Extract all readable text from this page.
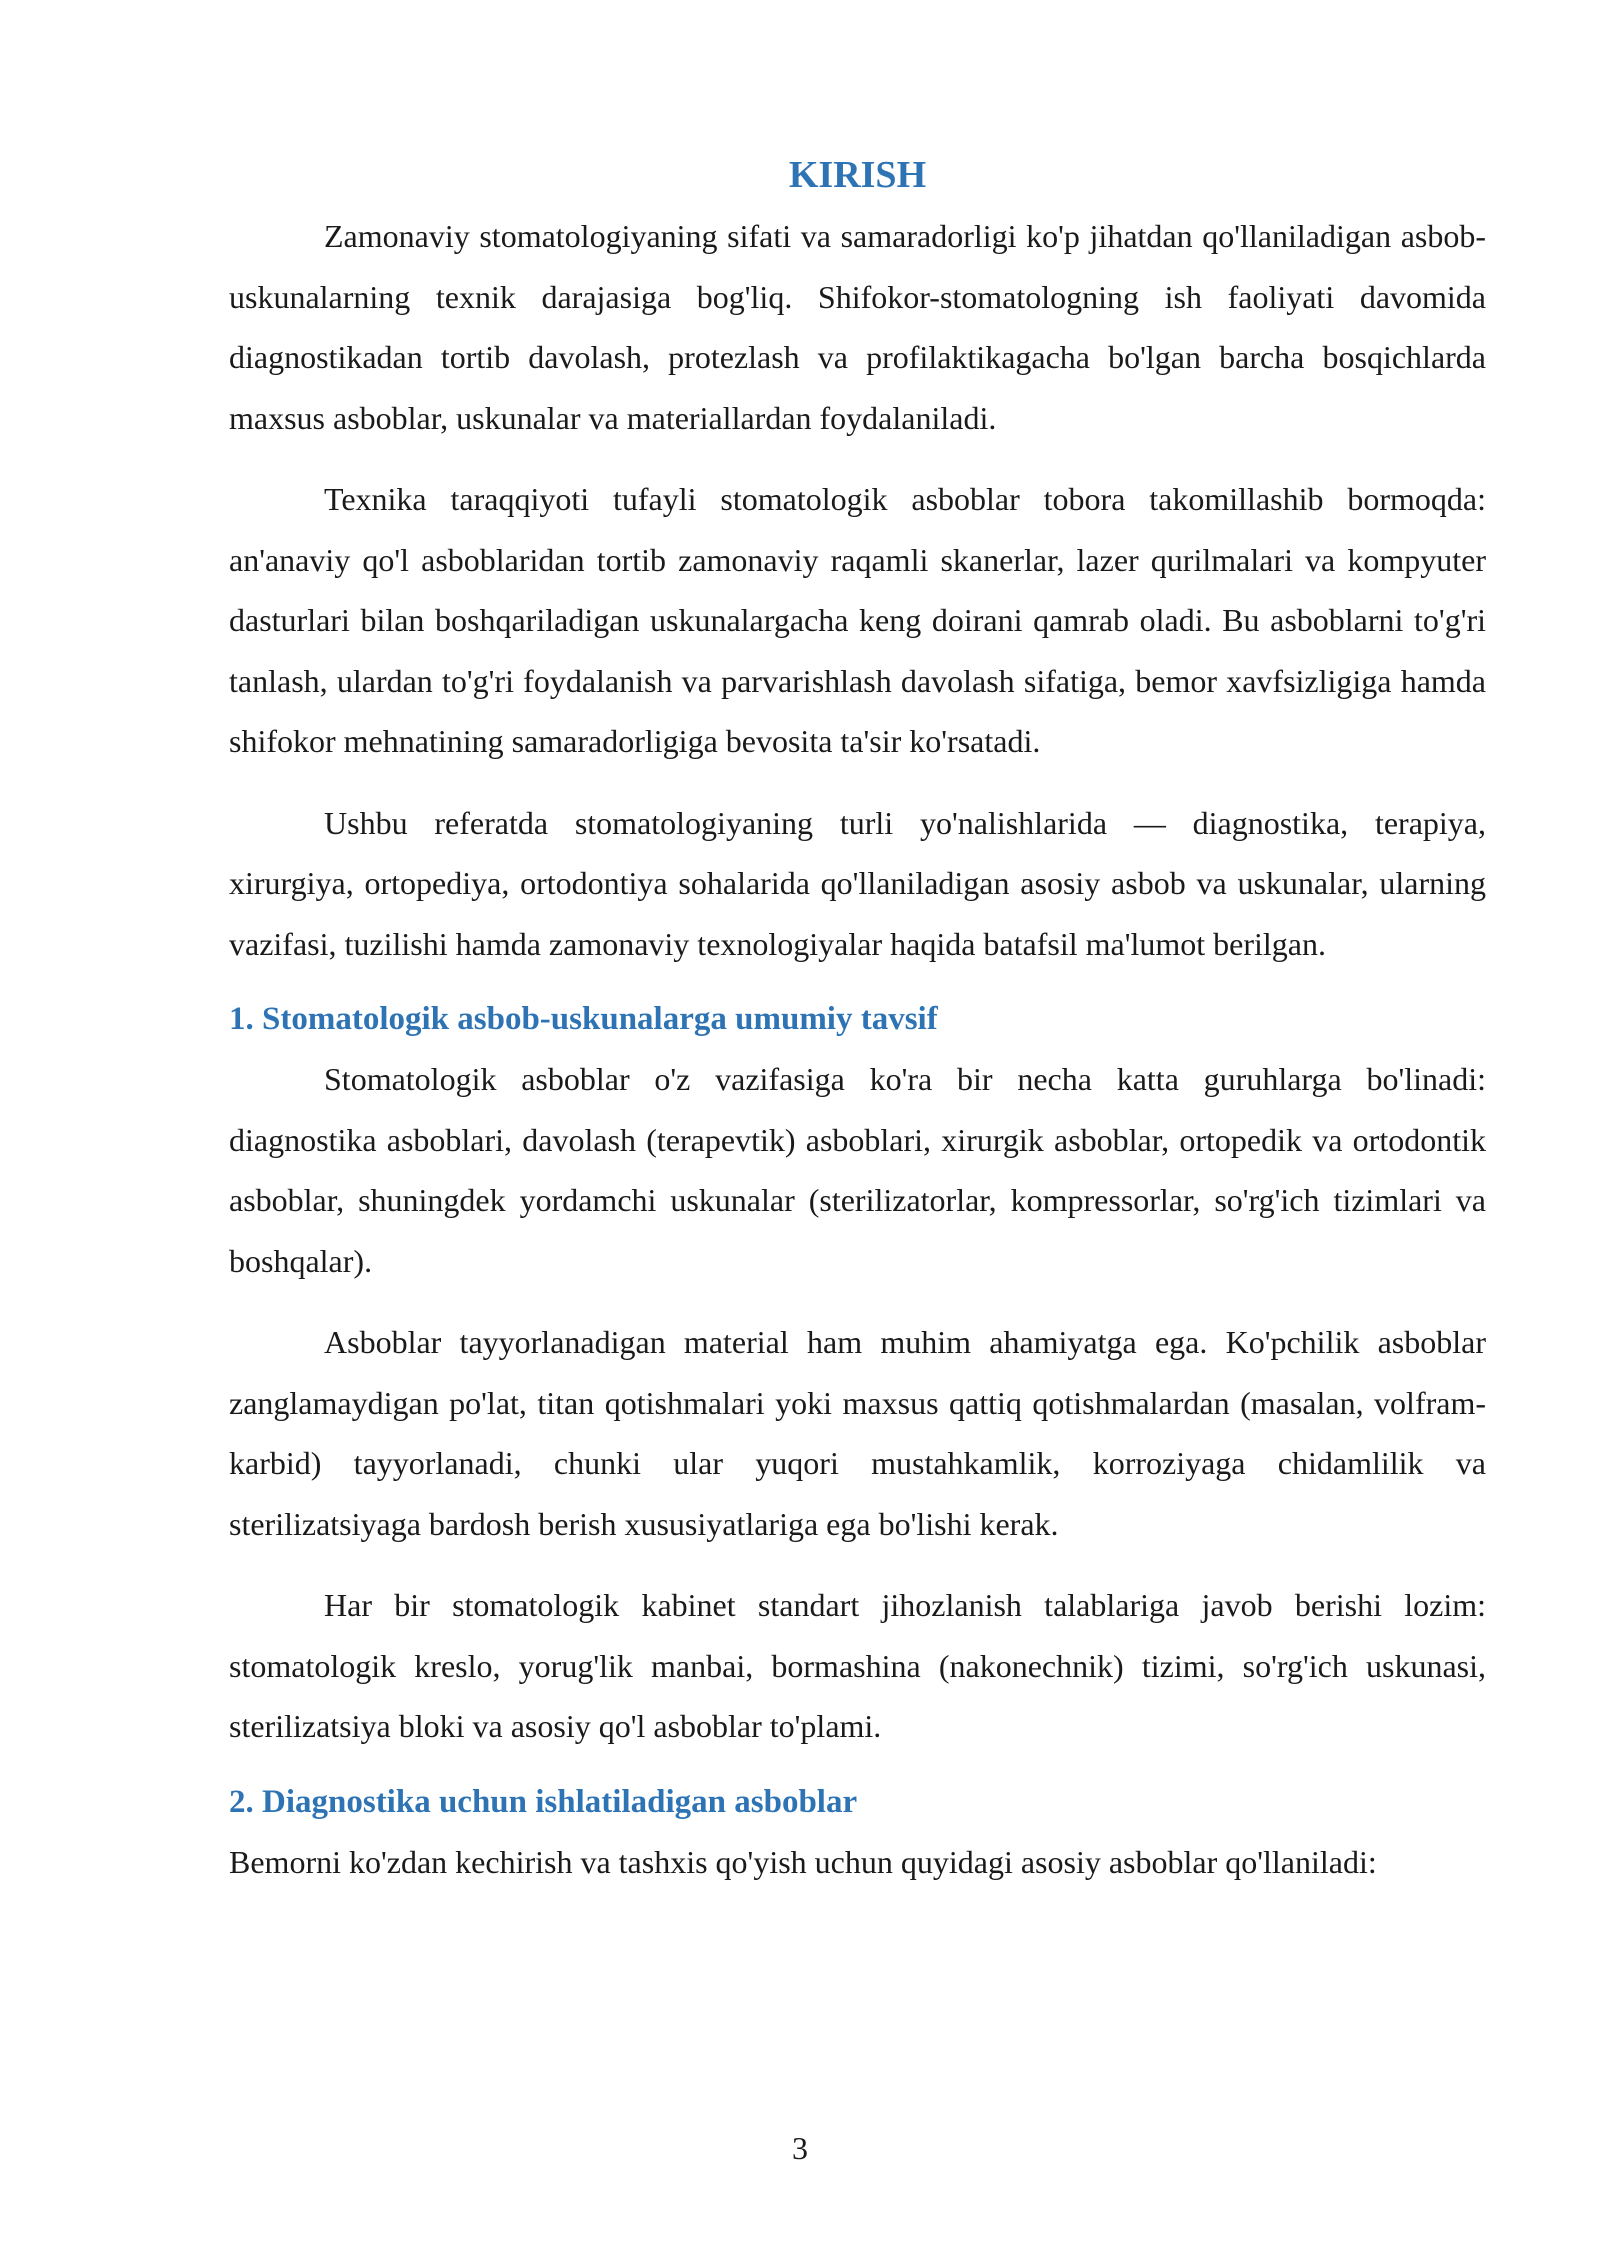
KIRISH

Zamonaviy stomatologiyaning sifati va samaradorligi ko'p jihatdan qo'llaniladigan asbob-uskunalarning texnik darajasiga bog'liq. Shifokor-stomatologning ish faoliyati davomida diagnostikadan tortib davolash, protezlash va profilaktikagacha bo'lgan barcha bosqichlarda maxsus asboblar, uskunalar va materiallardan foydalaniladi.

Texnika taraqqiyoti tufayli stomatologik asboblar tobora takomillashib bormoqda: an'anaviy qo'l asboblaridan tortib zamonaviy raqamli skanerlar, lazer qurilmalari va kompyuter dasturlari bilan boshqariladigan uskunalargacha keng doirani qamrab oladi. Bu asboblarni to'g'ri tanlash, ulardan to'g'ri foydalanish va parvarishlash davolash sifatiga, bemor xavfsizligiga hamda shifokor mehnatining samaradorligiga bevosita ta'sir ko'rsatadi.

Ushbu referatda stomatologiyaning turli yo'nalishlarida — diagnostika, terapiya, xirurgiya, ortopediya, ortodontiya sohalarida qo'llaniladigan asosiy asbob va uskunalar, ularning vazifasi, tuzilishi hamda zamonaviy texnologiyalar haqida batafsil ma'lumot berilgan.

1. Stomatologik asbob-uskunalarga umumiy tavsif

Stomatologik asboblar o'z vazifasiga ko'ra bir necha katta guruhlarga bo'linadi: diagnostika asboblari, davolash (terapevtik) asboblari, xirurgik asboblar, ortopedik va ortodontik asboblar, shuningdek yordamchi uskunalar (sterilizatorlar, kompressorlar, so'rg'ich tizimlari va boshqalar).

Asboblar tayyorlanadigan material ham muhim ahamiyatga ega. Ko'pchilik asboblar zanglamaydigan po'lat, titan qotishmalari yoki maxsus qattiq qotishmalardan (masalan, volfram-karbid) tayyorlanadi, chunki ular yuqori mustahkamlik, korroziyaga chidamlilik va sterilizatsiyaga bardosh berish xususiyatlariga ega bo'lishi kerak.

Har bir stomatologik kabinet standart jihozlanish talablariga javob berishi lozim: stomatologik kreslo, yorug'lik manbai, bormashina (nakonechnik) tizimi, so'rg'ich uskunasi, sterilizatsiya bloki va asosiy qo'l asboblar to'plami.

2. Diagnostika uchun ishlatiladigan asboblar

Bemorni ko'zdan kechirish va tashxis qo'yish uchun quyidagi asosiy asboblar qo'llaniladi:

3
